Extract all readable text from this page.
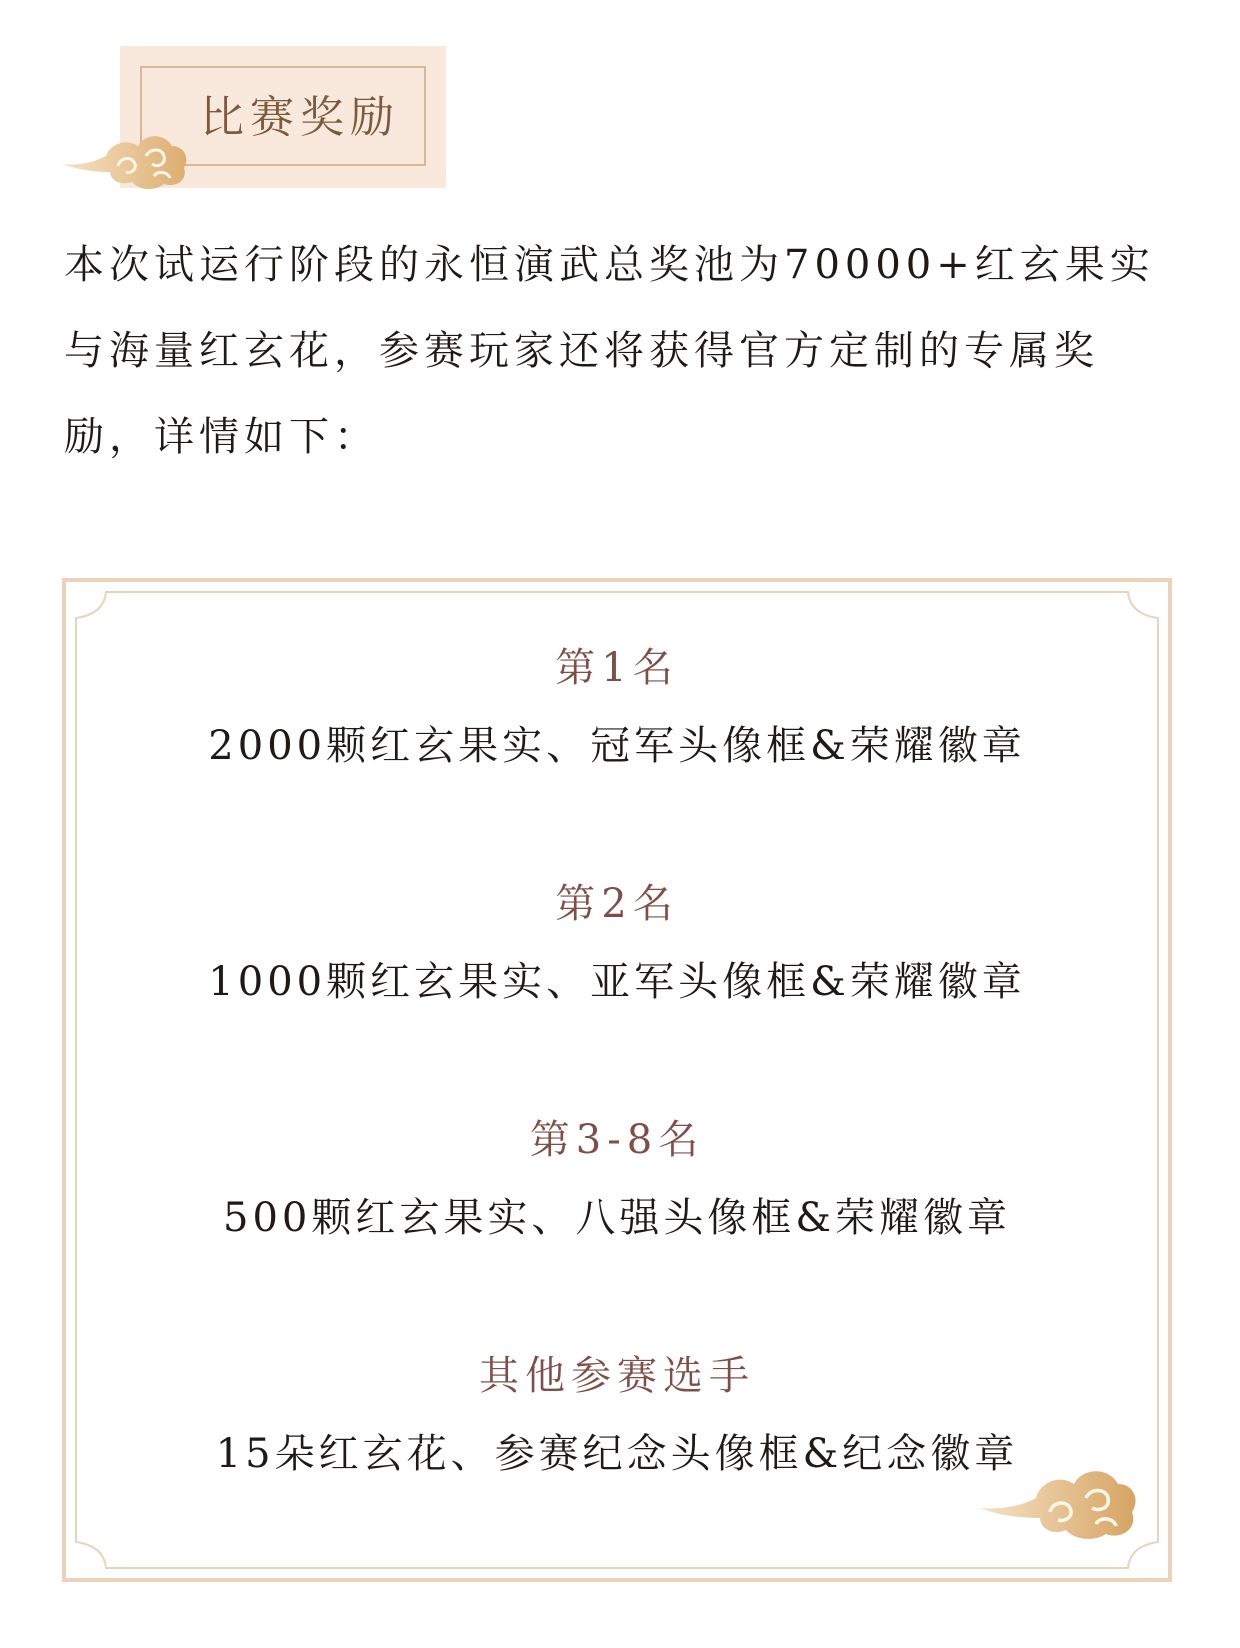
比赛奖励

本次试运行阶段的永恒演武总奖池为70000+红玄果实与海量红玄花，参赛玩家还将获得官方定制的专属奖励，详情如下：

第1名
2000颗红玄果实、冠军头像框&荣耀徽章
第2名
1000颗红玄果实、亚军头像框&荣耀徽章
第3-8名
500颗红玄果实、八强头像框&荣耀徽章
其他参赛选手
15朵红玄花、参赛纪念头像框&纪念徽章
